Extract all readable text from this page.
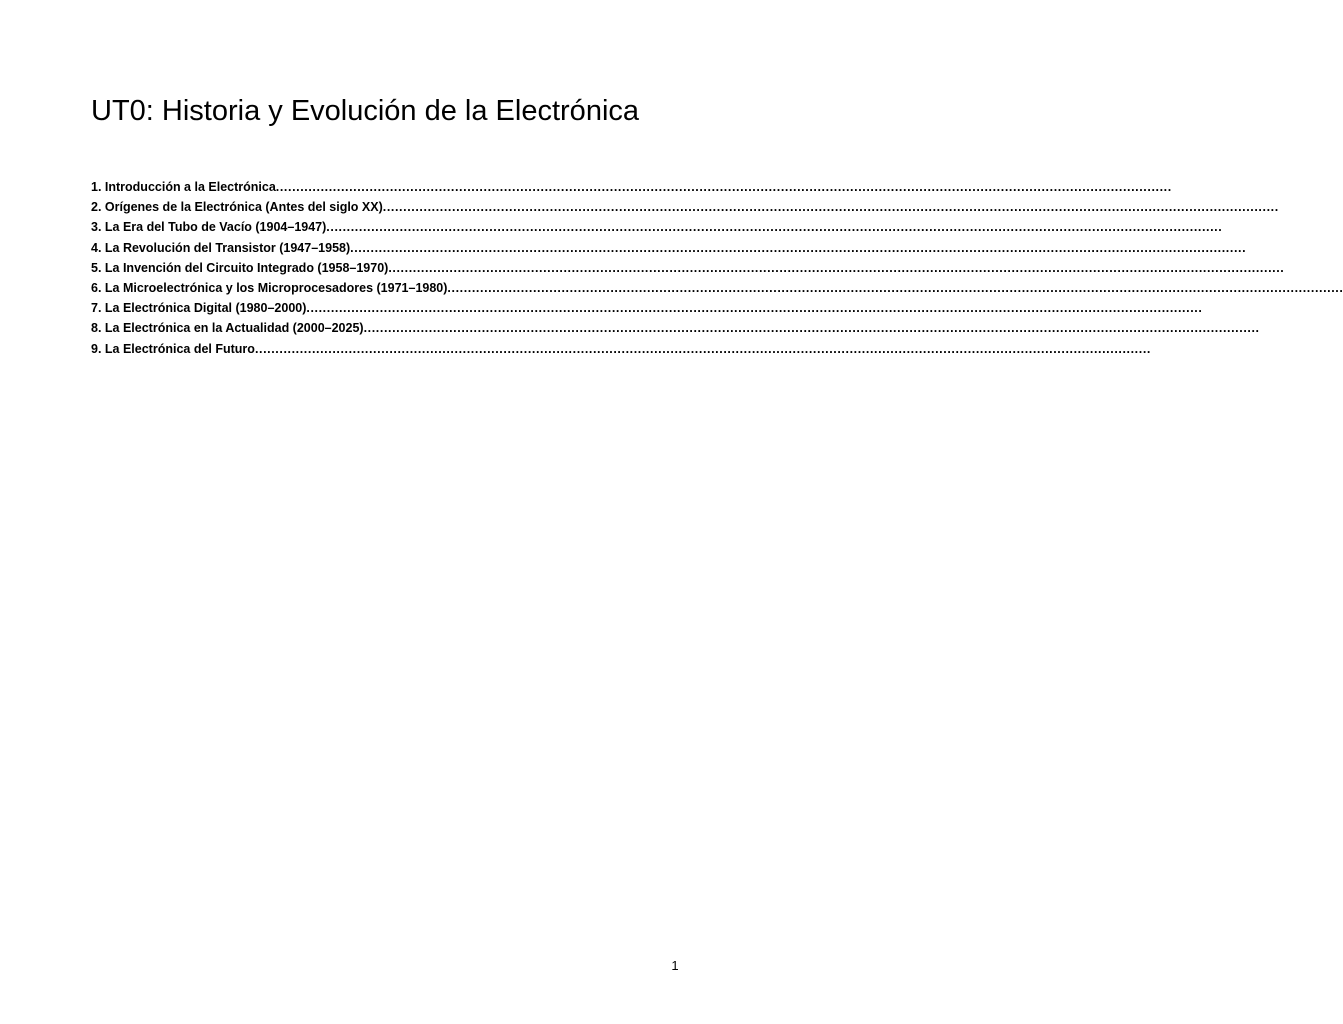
UT0: Historia y Evolución de la Electrónica
1. Introducción a la Electrónica............................................................................................................................................................................................................................
2. Orígenes de la Electrónica (Antes del siglo XX)............................................................................................................................................................................................................................
3. La Era del Tubo de Vacío (1904–1947)............................................................................................................................................................................................................................
4. La Revolución del Transistor (1947–1958)............................................................................................................................................................................................................................
5. La Invención del Circuito Integrado (1958–1970)............................................................................................................................................................................................................................
6. La Microelectrónica y los Microprocesadores (1971–1980)............................................................................................................................................................................................................................
7. La Electrónica Digital (1980–2000)............................................................................................................................................................................................................................
8. La Electrónica en la Actualidad (2000–2025)............................................................................................................................................................................................................................
9. La Electrónica del Futuro............................................................................................................................................................................................................................
1
